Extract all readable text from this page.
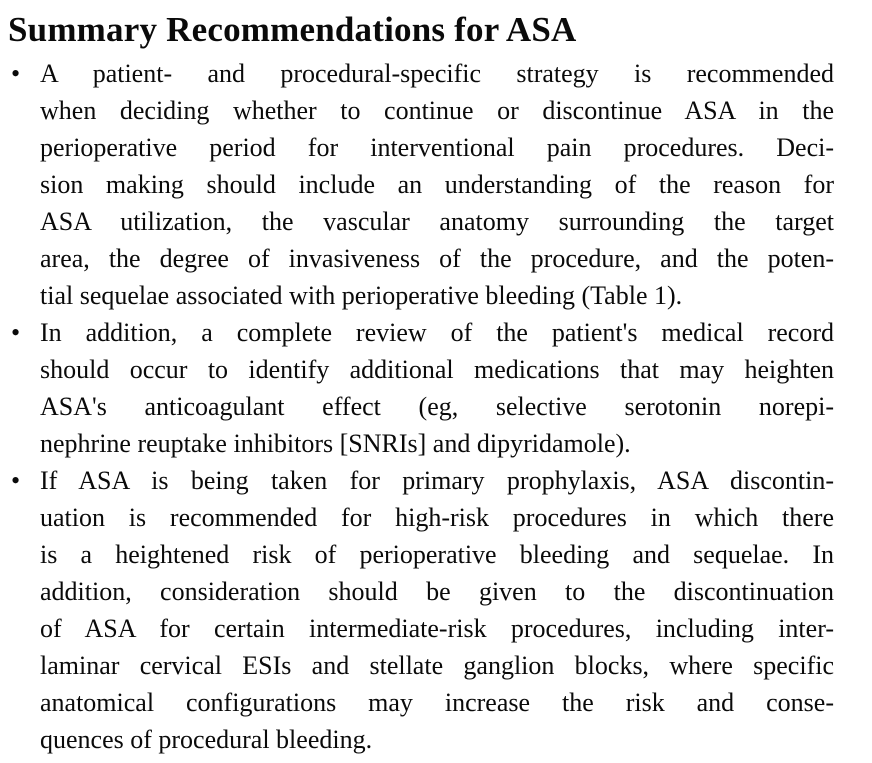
Summary Recommendations for ASA
• A patient- and procedural-specific strategy is recommended
when deciding whether to continue or discontinue ASA in the
perioperative period for interventional pain procedures. Deci-
sion making should include an understanding of the reason for
ASA utilization, the vascular anatomy surrounding the target
area, the degree of invasiveness of the procedure, and the poten-
tial sequelae associated with perioperative bleeding (Table 1).
• In addition, a complete review of the patient's medical record
should occur to identify additional medications that may heighten
ASA's anticoagulant effect (eg, selective serotonin norepi-
nephrine reuptake inhibitors [SNRIs] and dipyridamole).
• If ASA is being taken for primary prophylaxis, ASA discontin-
uation is recommended for high-risk procedures in which there
is a heightened risk of perioperative bleeding and sequelae. In
addition, consideration should be given to the discontinuation
of ASA for certain intermediate-risk procedures, including inter-
laminar cervical ESIs and stellate ganglion blocks, where specific
anatomical configurations may increase the risk and conse-
quences of procedural bleeding.
